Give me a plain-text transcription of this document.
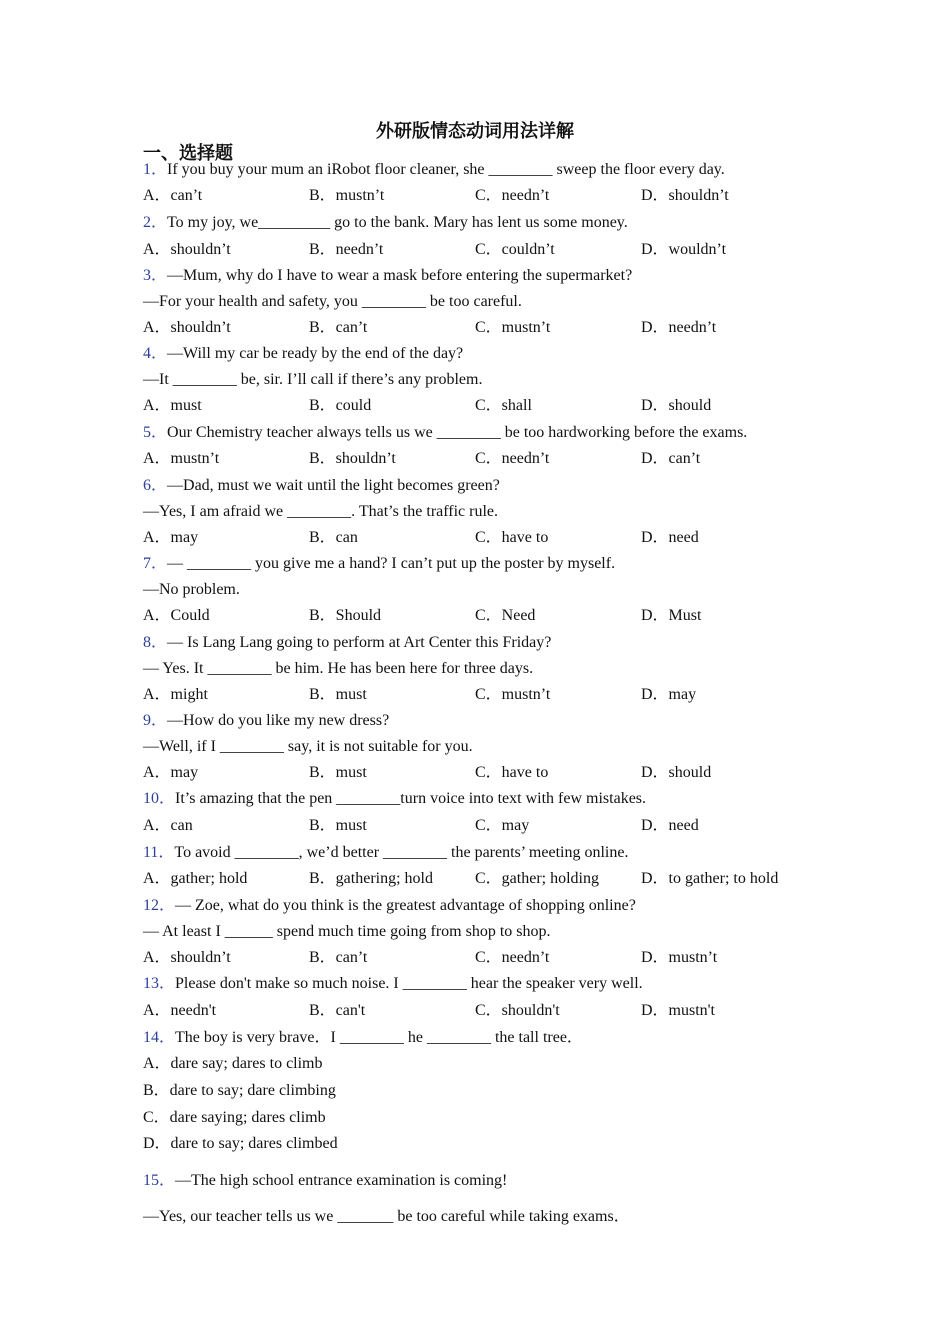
外研版情态动词用法详解
一、选择题
1．If you buy your mum an iRobot floor cleaner, she ________ sweep the floor every day.
A．can’t	B．mustn’t	C．needn’t	D．shouldn’t
2．To my joy, we_________ go to the bank. Mary has lent us some money.
A．shouldn’t	B．needn’t	C．couldn’t	D．wouldn’t
3．—Mum, why do I have to wear a mask before entering the supermarket?
—For your health and safety, you ________ be too careful.
A．shouldn’t	B．can’t	C．mustn’t	D．needn’t
4．—Will my car be ready by the end of the day?
—It ________ be, sir. I’ll call if there’s any problem.
A．must	B．could	C．shall	D．should
5．Our Chemistry teacher always tells us we ________ be too hardworking before the exams.
A．mustn’t	B．shouldn’t	C．needn’t	D．can’t
6．—Dad, must we wait until the light becomes green?
—Yes, I am afraid we ________. That’s the traffic rule.
A．may	B．can	C．have to	D．need
7．— ________ you give me a hand? I can’t put up the poster by myself.
—No problem.
A．Could	B．Should	C．Need	D．Must
8．— Is Lang Lang going to perform at Art Center this Friday?
— Yes. It ________ be him. He has been here for three days.
A．might	B．must	C．mustn’t	D．may
9．—How do you like my new dress?
—Well, if I ________ say, it is not suitable for you.
A．may	B．must	C．have to	D．should
10．It’s amazing that the pen ________turn voice into text with few mistakes.
A．can	B．must	C．may	D．need
11．To avoid ________, we’d better ________ the parents’ meeting online.
A．gather; hold	B．gathering; hold	C．gather; holding	D．to gather; to hold
12．— Zoe, what do you think is the greatest advantage of shopping online?
— At least I ______ spend much time going from shop to shop.
A．shouldn’t	B．can’t	C．needn’t	D．mustn’t
13．Please don't make so much noise. I ________ hear the speaker very well.
A．needn't	B．can't	C．shouldn't	D．mustn't
14．The boy is very brave．I ________ he ________ the tall tree．
A．dare say; dares to climb
B．dare to say; dare climbing
C．dare saying; dares climb
D．dare to say; dares climbed
15．—The high school entrance examination is coming!
—Yes, our teacher tells us we _______ be too careful while taking exams．
